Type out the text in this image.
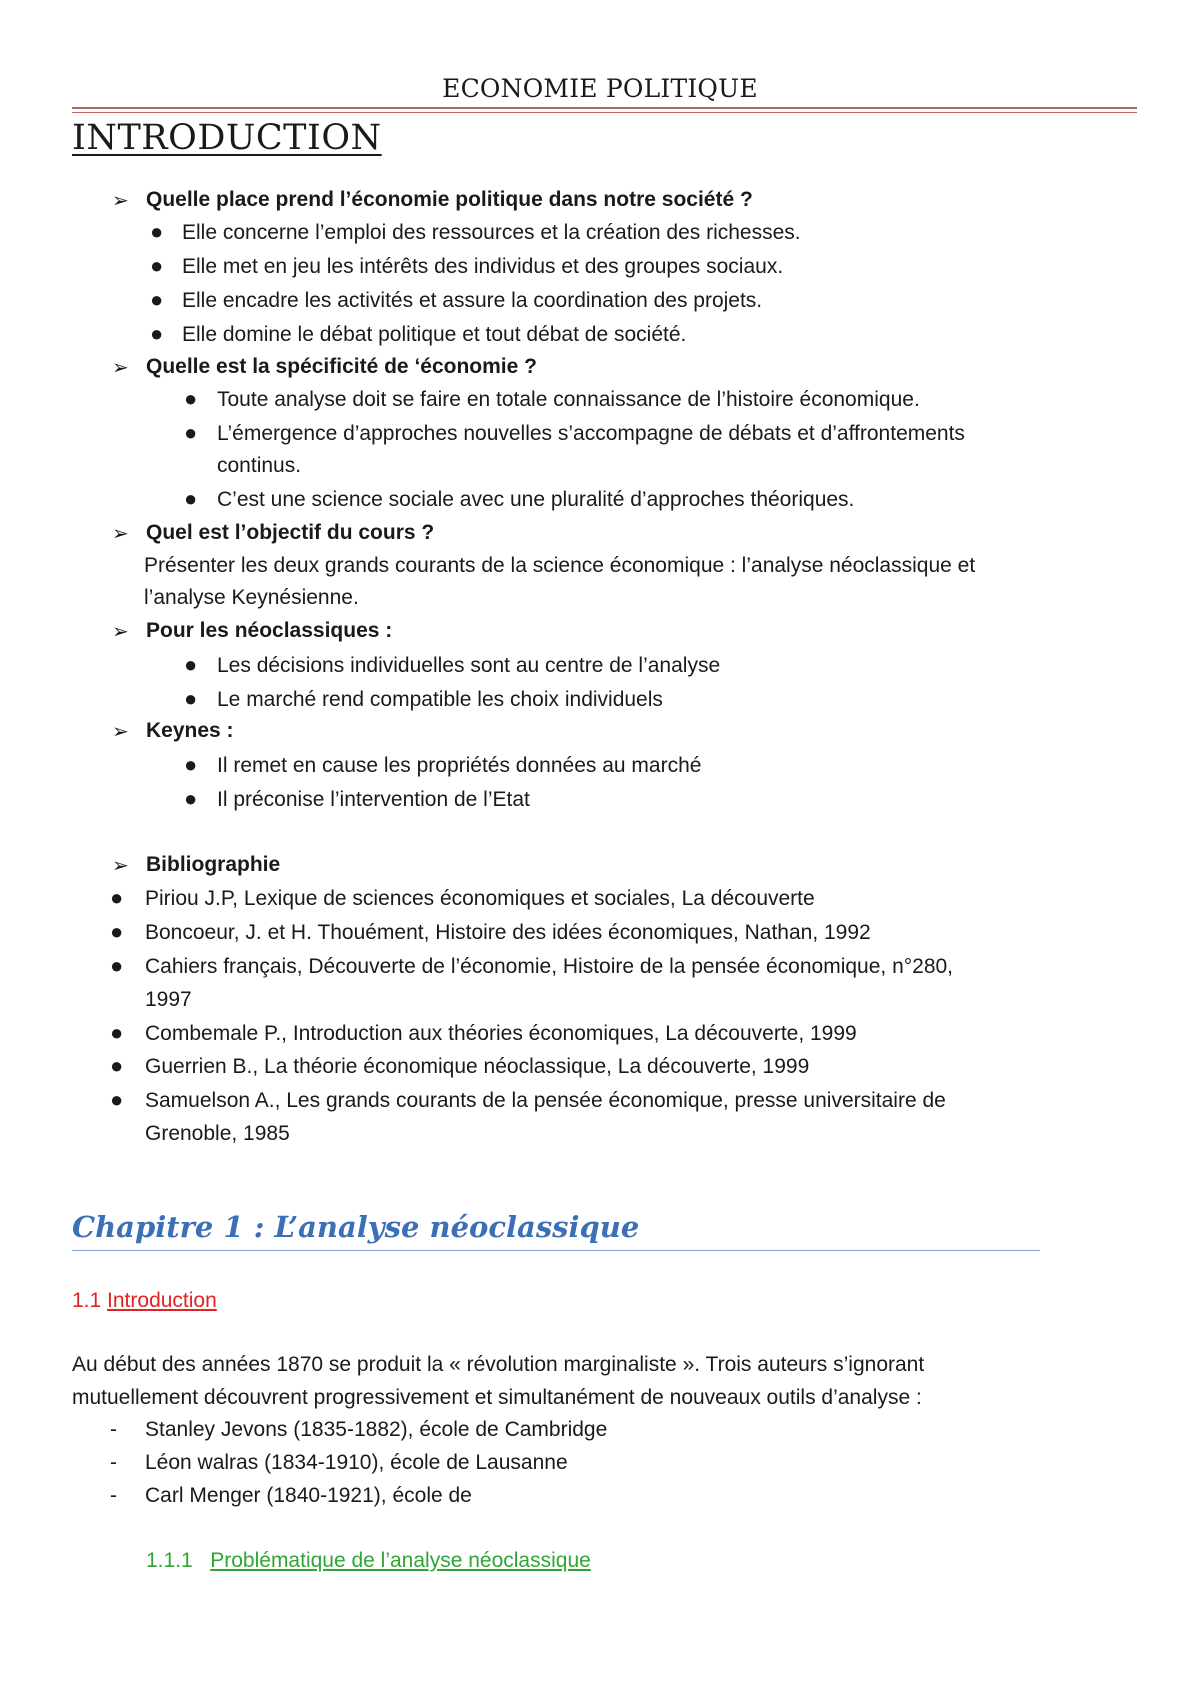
ECONOMIE POLITIQUE
INTRODUCTION
➢ Quelle place prend l’économie politique dans notre société ?
● Elle concerne l’emploi des ressources et la création des richesses.
● Elle met en jeu les intérêts des individus et des groupes sociaux.
● Elle encadre les activités et assure la coordination des projets.
● Elle domine le débat politique et tout débat de société.
➢ Quelle est la spécificité de ‘économie ?
● Toute analyse doit se faire en totale connaissance de l’histoire économique.
● L’émergence d’approches nouvelles s’accompagne de débats et d’affrontements
continus.
● C’est une science sociale avec une pluralité d’approches théoriques.
➢ Quel est l’objectif du cours ?
Présenter les deux grands courants de la science économique : l’analyse néoclassique et
l’analyse Keynésienne.
➢ Pour les néoclassiques :
● Les décisions individuelles sont au centre de l’analyse
● Le marché rend compatible les choix individuels
➢ Keynes :
● Il remet en cause les propriétés données au marché
● Il préconise l’intervention de l’Etat
➢ Bibliographie
● Piriou J.P, Lexique de sciences économiques et sociales, La découverte
● Boncoeur, J. et H. Thouément, Histoire des idées économiques, Nathan, 1992
● Cahiers français, Découverte de l’économie, Histoire de la pensée économique, n°280,
1997
● Combemale P., Introduction aux théories économiques, La découverte, 1999
● Guerrien B., La théorie économique néoclassique, La découverte, 1999
● Samuelson A., Les grands courants de la pensée économique, presse universitaire de
Grenoble, 1985
Chapitre 1 : L’analyse néoclassique
1.1 Introduction
Au début des années 1870 se produit la « révolution marginaliste ». Trois auteurs s’ignorant
mutuellement découvrent progressivement et simultanément de nouveaux outils d’analyse :
- Stanley Jevons (1835-1882), école de Cambridge
- Léon walras (1834-1910), école de Lausanne
- Carl Menger (1840-1921), école de
1.1.1 Problématique de l’analyse néoclassique
